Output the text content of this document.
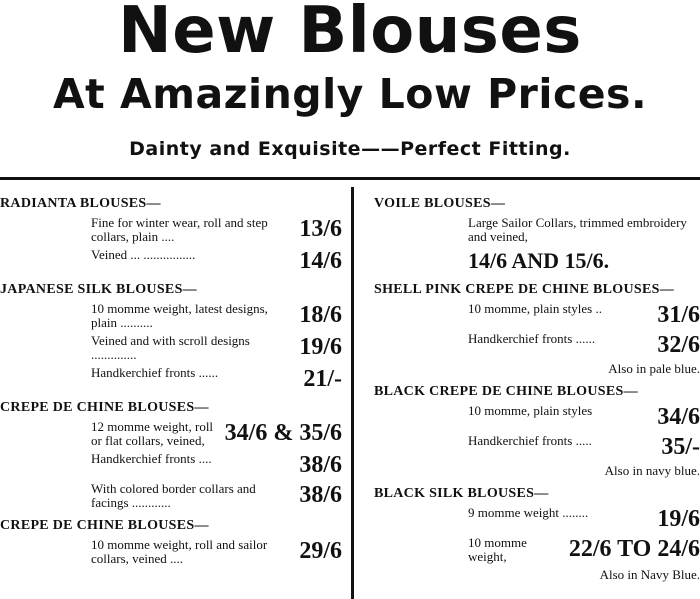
New Blouses
At Amazingly Low Prices.
Dainty and Exquisite——Perfect Fitting.
RADIANTA BLOUSES—
Fine for winter wear, roll and step collars, plain ....	13/6
Veined ... ................	14/6
JAPANESE SILK BLOUSES—
10 momme weight, latest designs, plain ..........	18/6
Veined and with scroll designs ..............	19/6
Handkerchief fronts ......	21/-
CREPE DE CHINE BLOUSES—
12 momme weight, roll or flat collars, veined, 34/6 & 35/6
Handkerchief fronts ....	38/6
With colored border collars and facings ............	38/6
CREPE DE CHINE BLOUSES—
10 momme weight, roll and sailor collars, veined ....	29/6
VOILE BLOUSES—
Large Sailor Collars, trimmed embroidery and veined,
14/6 AND 15/6.
SHELL PINK CREPE DE CHINE BLOUSES—
10 momme, plain styles ..	31/6
Handkerchief fronts ......	32/6
Also in pale blue.
BLACK CREPE DE CHINE BLOUSES—
10 momme, plain styles	34/6
Handkerchief fronts .....	35/-
Also in navy blue.
BLACK SILK BLOUSES—
9 momme weight ........	19/6
10 momme weight,	22/6 TO 24/6
Also in Navy Blue.
